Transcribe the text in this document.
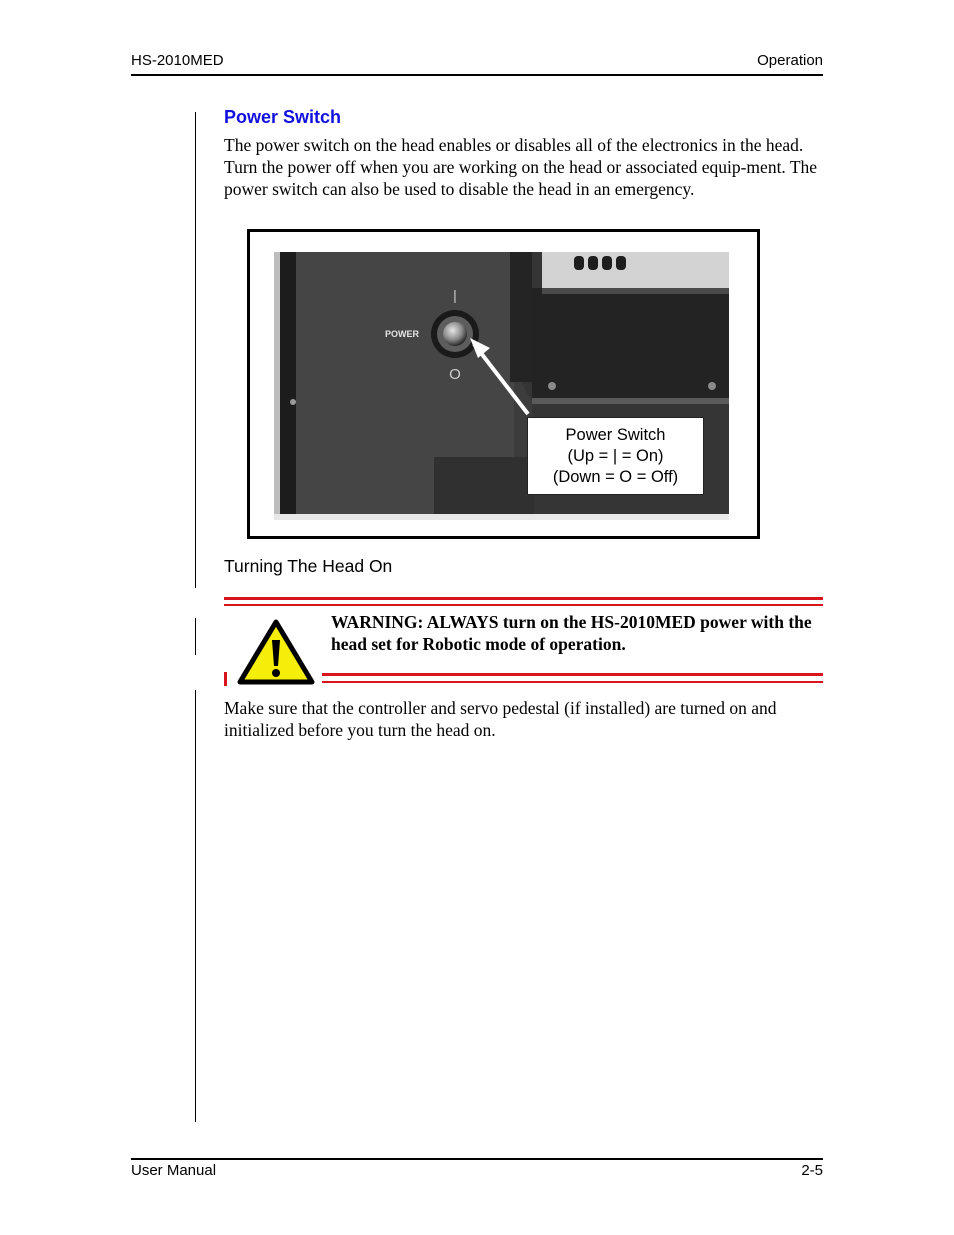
HS-2010MED	Operation
Power Switch
The power switch on the head enables or disables all of the electronics in the head. Turn the power off when you are working on the head or associated equip-ment. The power switch can also be used to disable the head in an emergency.
POWER
|
O
Power Switch
(Up = | = On)
(Down = O = Off)
Turning The Head On
WARNING: ALWAYS turn on the HS-2010MED power with the head set for Robotic mode of operation.
Make sure that the controller and servo pedestal (if installed) are turned on and initialized before you turn the head on.
User Manual	2-5
